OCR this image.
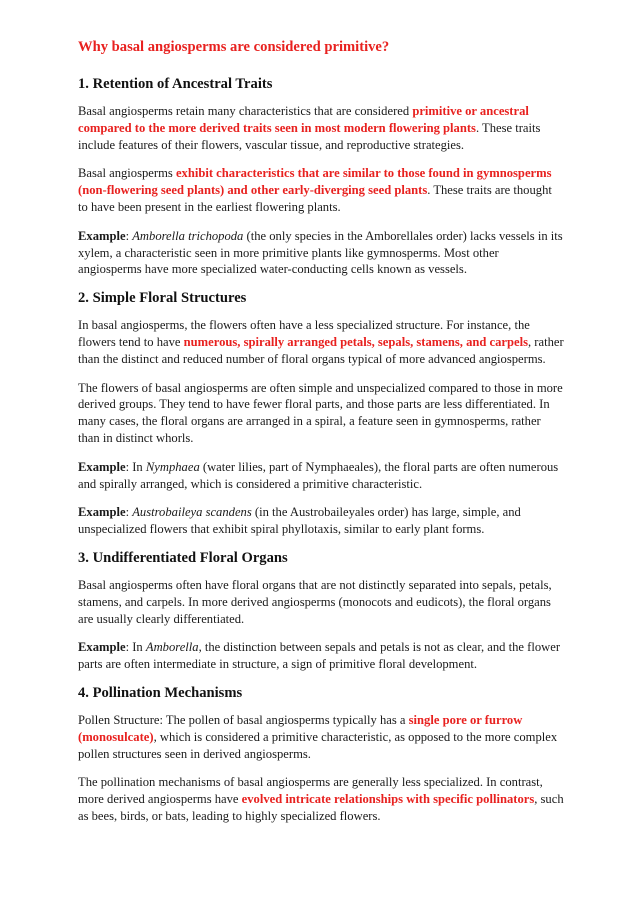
Why basal angiosperms are considered primitive?
1. Retention of Ancestral Traits
Basal angiosperms retain many characteristics that are considered primitive or ancestral compared to the more derived traits seen in most modern flowering plants. These traits include features of their flowers, vascular tissue, and reproductive strategies.
Basal angiosperms exhibit characteristics that are similar to those found in gymnosperms (non-flowering seed plants) and other early-diverging seed plants. These traits are thought to have been present in the earliest flowering plants.
Example: Amborella trichopoda (the only species in the Amborellales order) lacks vessels in its xylem, a characteristic seen in more primitive plants like gymnosperms. Most other angiosperms have more specialized water-conducting cells known as vessels.
2. Simple Floral Structures
In basal angiosperms, the flowers often have a less specialized structure. For instance, the flowers tend to have numerous, spirally arranged petals, sepals, stamens, and carpels, rather than the distinct and reduced number of floral organs typical of more advanced angiosperms.
The flowers of basal angiosperms are often simple and unspecialized compared to those in more derived groups. They tend to have fewer floral parts, and those parts are less differentiated. In many cases, the floral organs are arranged in a spiral, a feature seen in gymnosperms, rather than in distinct whorls.
Example: In Nymphaea (water lilies, part of Nymphaeales), the floral parts are often numerous and spirally arranged, which is considered a primitive characteristic.
Example: Austrobaileya scandens (in the Austrobaileyales order) has large, simple, and unspecialized flowers that exhibit spiral phyllotaxis, similar to early plant forms.
3. Undifferentiated Floral Organs
Basal angiosperms often have floral organs that are not distinctly separated into sepals, petals, stamens, and carpels. In more derived angiosperms (monocots and eudicots), the floral organs are usually clearly differentiated.
Example: In Amborella, the distinction between sepals and petals is not as clear, and the flower parts are often intermediate in structure, a sign of primitive floral development.
4. Pollination Mechanisms
Pollen Structure: The pollen of basal angiosperms typically has a single pore or furrow (monosulcate), which is considered a primitive characteristic, as opposed to the more complex pollen structures seen in derived angiosperms.
The pollination mechanisms of basal angiosperms are generally less specialized. In contrast, more derived angiosperms have evolved intricate relationships with specific pollinators, such as bees, birds, or bats, leading to highly specialized flowers.
